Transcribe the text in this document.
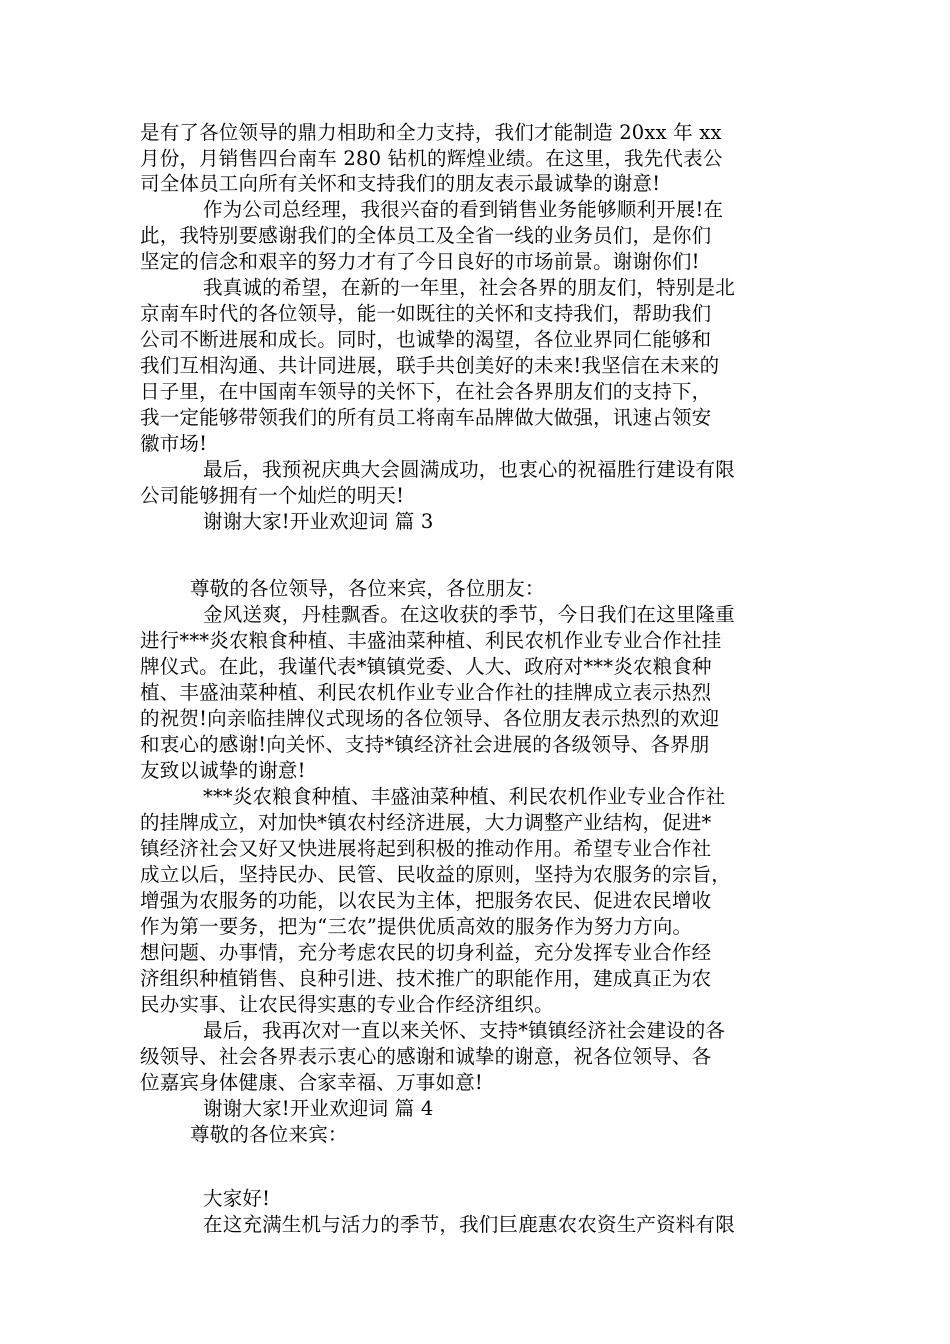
是有了各位领导的鼎力相助和全力支持，我们才能制造 20xx 年 xx
月份，月销售四台南车 280 钻机的辉煌业绩。在这里，我先代表公
司全体员工向所有关怀和支持我们的朋友表示最诚挚的谢意!
作为公司总经理，我很兴奋的看到销售业务能够顺利开展!在
此，我特别要感谢我们的全体员工及全省一线的业务员们，是你们
坚定的信念和艰辛的努力才有了今日良好的市场前景。谢谢你们!
我真诚的希望，在新的一年里，社会各界的朋友们，特别是北
京南车时代的各位领导，能一如既往的关怀和支持我们，帮助我们
公司不断进展和成长。同时，也诚挚的渴望，各位业界同仁能够和
我们互相沟通、共计同进展，联手共创美好的未来!我坚信在未来的
日子里，在中国南车领导的关怀下，在社会各界朋友们的支持下，
我一定能够带领我们的所有员工将南车品牌做大做强，讯速占领安
徽市场!
最后，我预祝庆典大会圆满成功，也衷心的祝福胜行建设有限
公司能够拥有一个灿烂的明天!
谢谢大家!开业欢迎词 篇 3
尊敬的各位领导，各位来宾，各位朋友：
金风送爽，丹桂飘香。在这收获的季节，今日我们在这里隆重
进行***炎农粮食种植、丰盛油菜种植、利民农机作业专业合作社挂
牌仪式。在此，我谨代表*镇镇党委、人大、政府对***炎农粮食种
植、丰盛油菜种植、利民农机作业专业合作社的挂牌成立表示热烈
的祝贺!向亲临挂牌仪式现场的各位领导、各位朋友表示热烈的欢迎
和衷心的感谢!向关怀、支持*镇经济社会进展的各级领导、各界朋
友致以诚挚的谢意!
***炎农粮食种植、丰盛油菜种植、利民农机作业专业合作社
的挂牌成立，对加快*镇农村经济进展，大力调整产业结构，促进*
镇经济社会又好又快进展将起到积极的推动作用。希望专业合作社
成立以后，坚持民办、民管、民收益的原则，坚持为农服务的宗旨，
增强为农服务的功能，以农民为主体，把服务农民、促进农民增收
作为第一要务，把为“三农”提供优质高效的服务作为努力方向。
想问题、办事情，充分考虑农民的切身利益，充分发挥专业合作经
济组织种植销售、良种引进、技术推广的职能作用，建成真正为农
民办实事、让农民得实惠的专业合作经济组织。
最后，我再次对一直以来关怀、支持*镇镇经济社会建设的各
级领导、社会各界表示衷心的感谢和诚挚的谢意，祝各位领导、各
位嘉宾身体健康、合家幸福、万事如意!
谢谢大家!开业欢迎词 篇 4
尊敬的各位来宾：
大家好!
在这充满生机与活力的季节，我们巨鹿惠农农资生产资料有限
